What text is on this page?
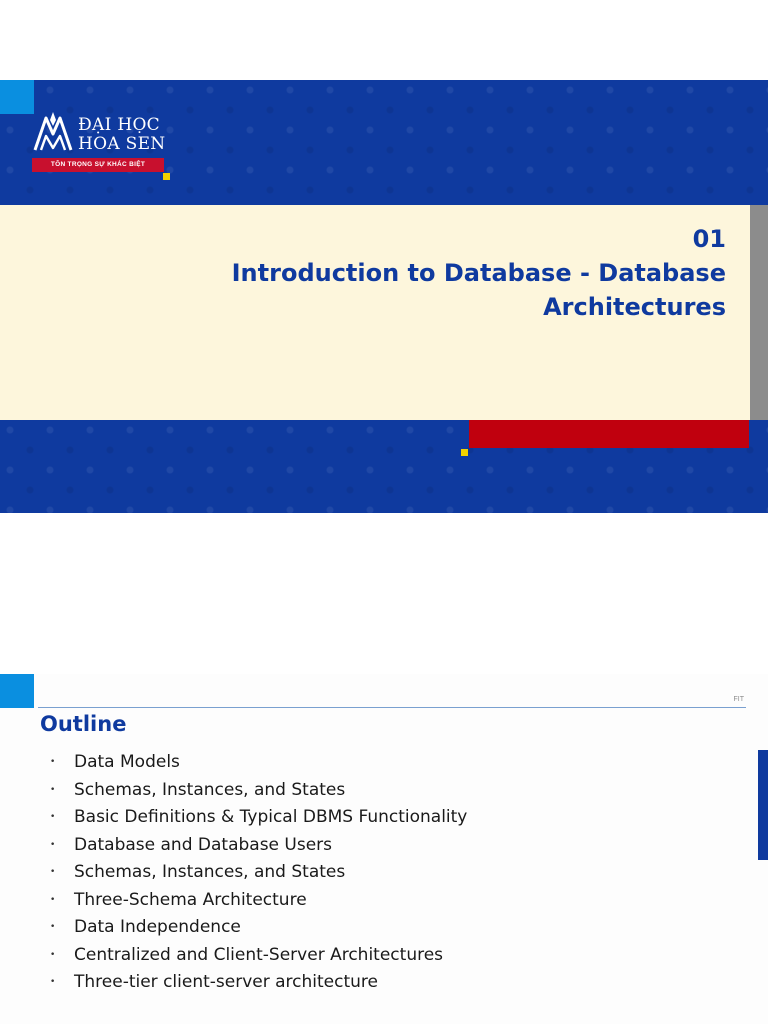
ĐẠI HỌC
HOA SEN
TÔN TRỌNG SỰ KHÁC BIỆT
01
Introduction to Database - Database Architectures
FIT
Outline
• Data Models
• Schemas, Instances, and States
• Basic Definitions & Typical DBMS Functionality
• Database and Database Users
• Schemas, Instances, and States
• Three-Schema Architecture
• Data Independence
• Centralized and Client-Server Architectures
• Three-tier client-server architecture
